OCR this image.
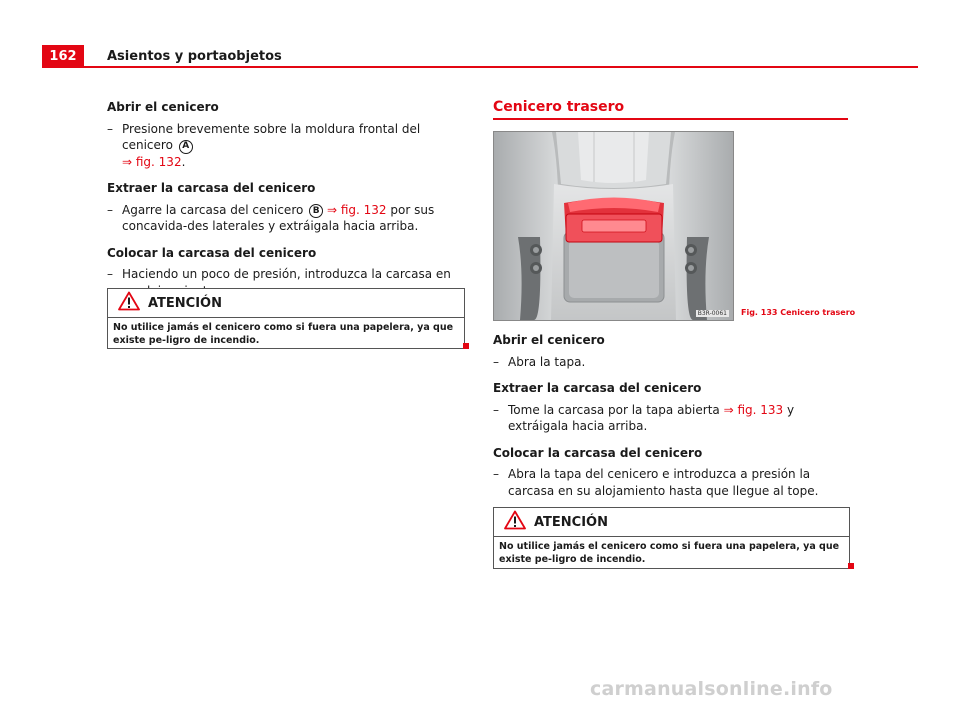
162	Asientos y portaobjetos

Abrir el cenicero

– Presione brevemente sobre la moldura frontal del cenicero A
⇒ fig. 132.

Extraer la carcasa del cenicero

– Agarre la carcasa del cenicero B ⇒ fig. 132 por sus concavida-des laterales y extráigala hacia arriba.

Colocar la carcasa del cenicero

– Haciendo un poco de presión, introduzca la carcasa en

ATENCIÓN
No utilice jamás el cenicero como si fuera una papelera, ya que existe pe-ligro de incendio.
Cenicero trasero
B3R-0061 Fig. 133 Cenicero trasero

Abrir el cenicero

– Abra la tapa.

Extraer la carcasa del cenicero

– Tome la carcasa por la tapa abierta ⇒ fig. 133 y extráigala hacia arriba.

Colocar la carcasa del cenicero

– Abra la tapa del cenicero e introduzca a presión la carcasa en su alojamiento hasta que llegue al tope.

ATENCIÓN
No utilice jamás el cenicero como si fuera una papelera, ya que existe pe-ligro de incendio.
carmanualsonline.info
